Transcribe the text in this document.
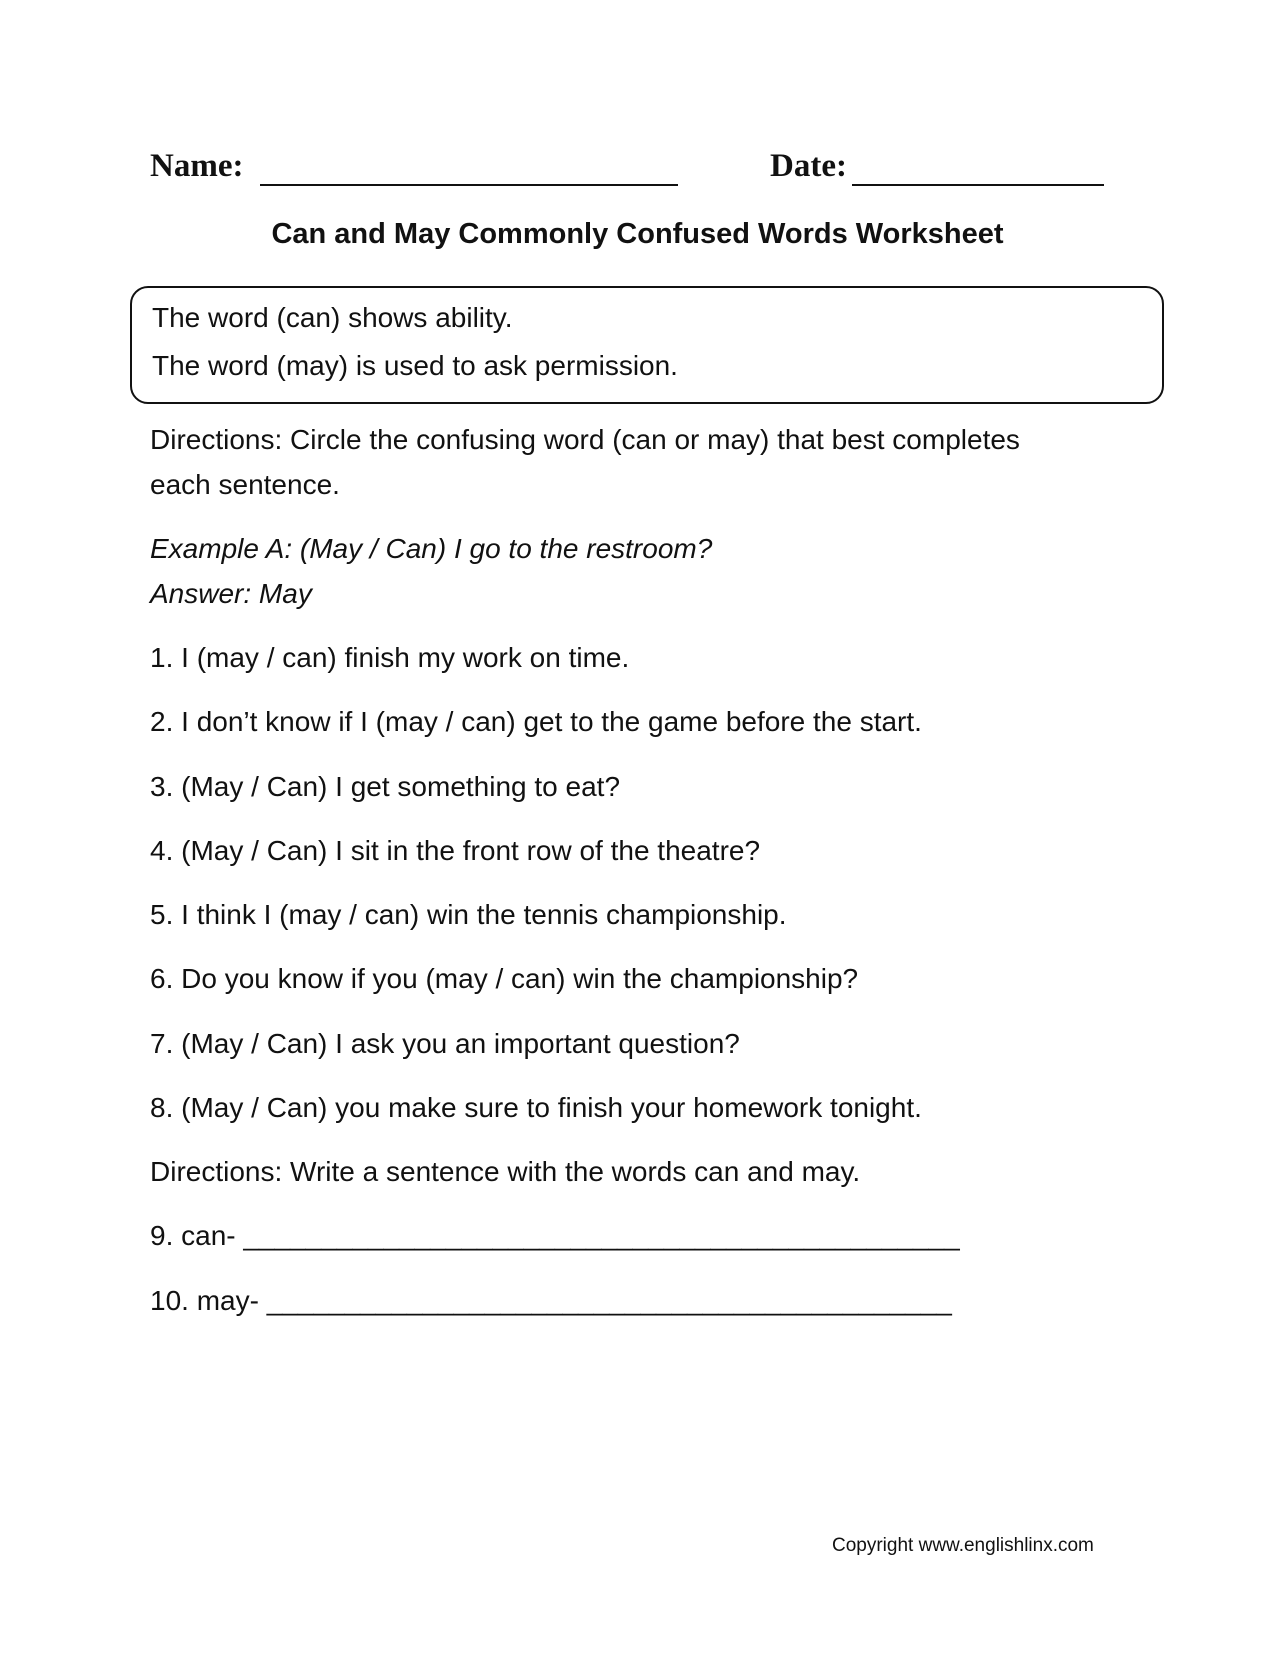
Name:	Date:
Can and May Commonly Confused Words Worksheet
The word (can) shows ability.
The word (may) is used to ask permission.
Directions: Circle the confusing word (can or may) that best completes
each sentence.
Example A: (May / Can) I go to the restroom?
Answer: May
1. I (may / can) finish my work on time.
2. I don’t know if I (may / can) get to the game before the start.
3. (May / Can) I get something to eat?
4. (May / Can) I sit in the front row of the theatre?
5. I think I (may / can) win the tennis championship.
6. Do you know if you (may / can) win the championship?
7. (May / Can) I ask you an important question?
8. (May / Can) you make sure to finish your homework tonight.
Directions: Write a sentence with the words can and may.
9. can- ______________________________________________
10. may- ____________________________________________
Copyright www.englishlinx.com
